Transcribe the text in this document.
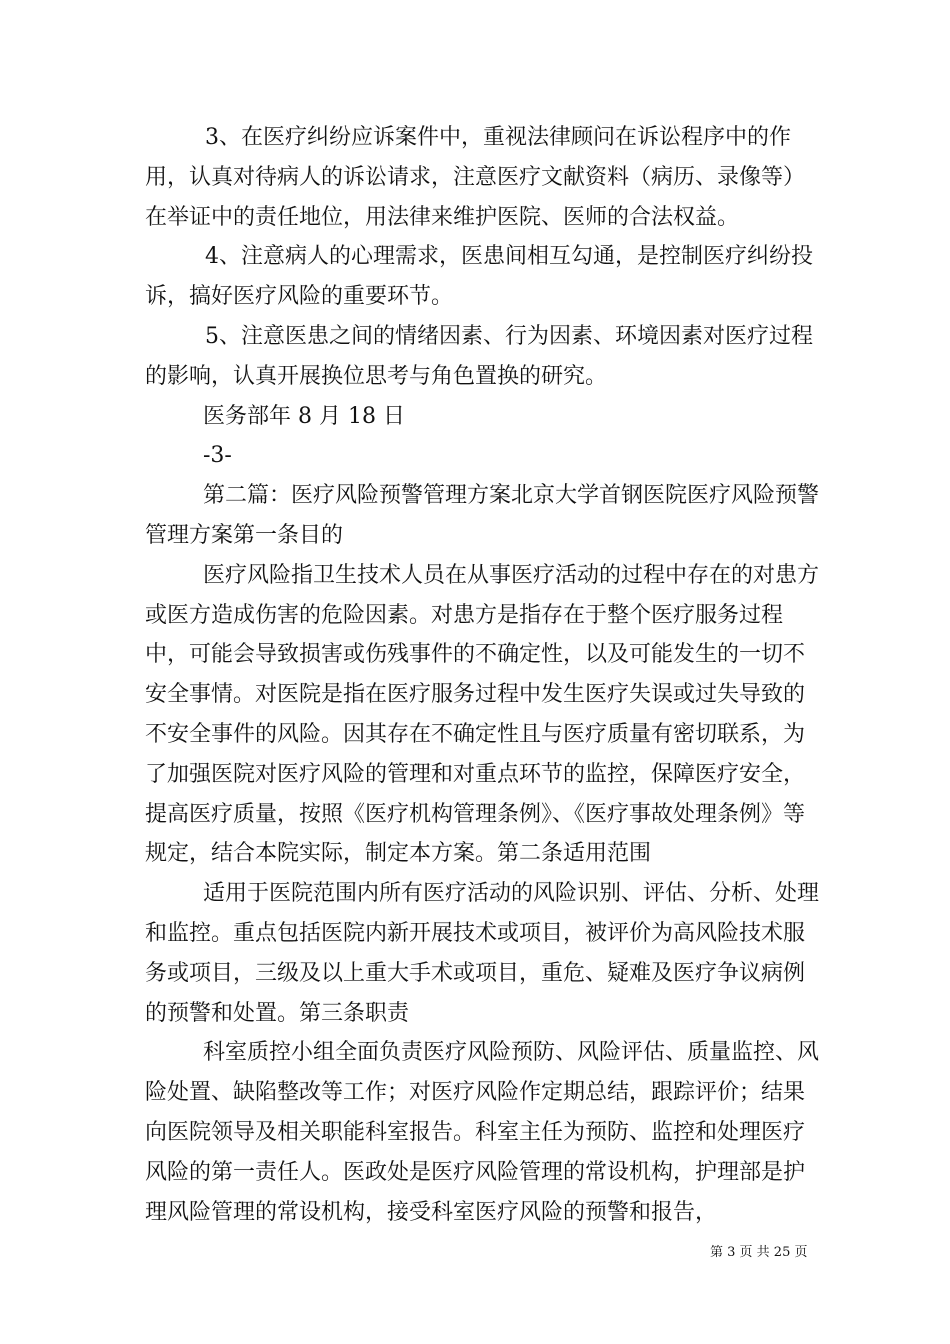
3、在医疗纠纷应诉案件中，重视法律顾问在诉讼程序中的作用，认真对待病人的诉讼请求，注意医疗文献资料（病历、录像等）在举证中的责任地位，用法律来维护医院、医师的合法权益。

4、注意病人的心理需求，医患间相互勾通，是控制医疗纠纷投诉，搞好医疗风险的重要环节。

5、注意医患之间的情绪因素、行为因素、环境因素对医疗过程的影响，认真开展换位思考与角色置换的研究。

医务部年 8 月 18 日

-3-

第二篇：医疗风险预警管理方案北京大学首钢医院医疗风险预警管理方案第一条目的

医疗风险指卫生技术人员在从事医疗活动的过程中存在的对患方或医方造成伤害的危险因素。对患方是指存在于整个医疗服务过程中，可能会导致损害或伤残事件的不确定性，以及可能发生的一切不安全事情。对医院是指在医疗服务过程中发生医疗失误或过失导致的不安全事件的风险。因其存在不确定性且与医疗质量有密切联系，为了加强医院对医疗风险的管理和对重点环节的监控，保障医疗安全，提高医疗质量，按照《医疗机构管理条例》、《医疗事故处理条例》等规定，结合本院实际，制定本方案。第二条适用范围

适用于医院范围内所有医疗活动的风险识别、评估、分析、处理和监控。重点包括医院内新开展技术或项目，被评价为高风险技术服务或项目，三级及以上重大手术或项目，重危、疑难及医疗争议病例的预警和处置。第三条职责

科室质控小组全面负责医疗风险预防、风险评估、质量监控、风险处置、缺陷整改等工作；对医疗风险作定期总结，跟踪评价；结果向医院领导及相关职能科室报告。科室主任为预防、监控和处理医疗风险的第一责任人。医政处是医疗风险管理的常设机构，护理部是护理风险管理的常设机构，接受科室医疗风险的预警和报告，

第 3 页 共 25 页
